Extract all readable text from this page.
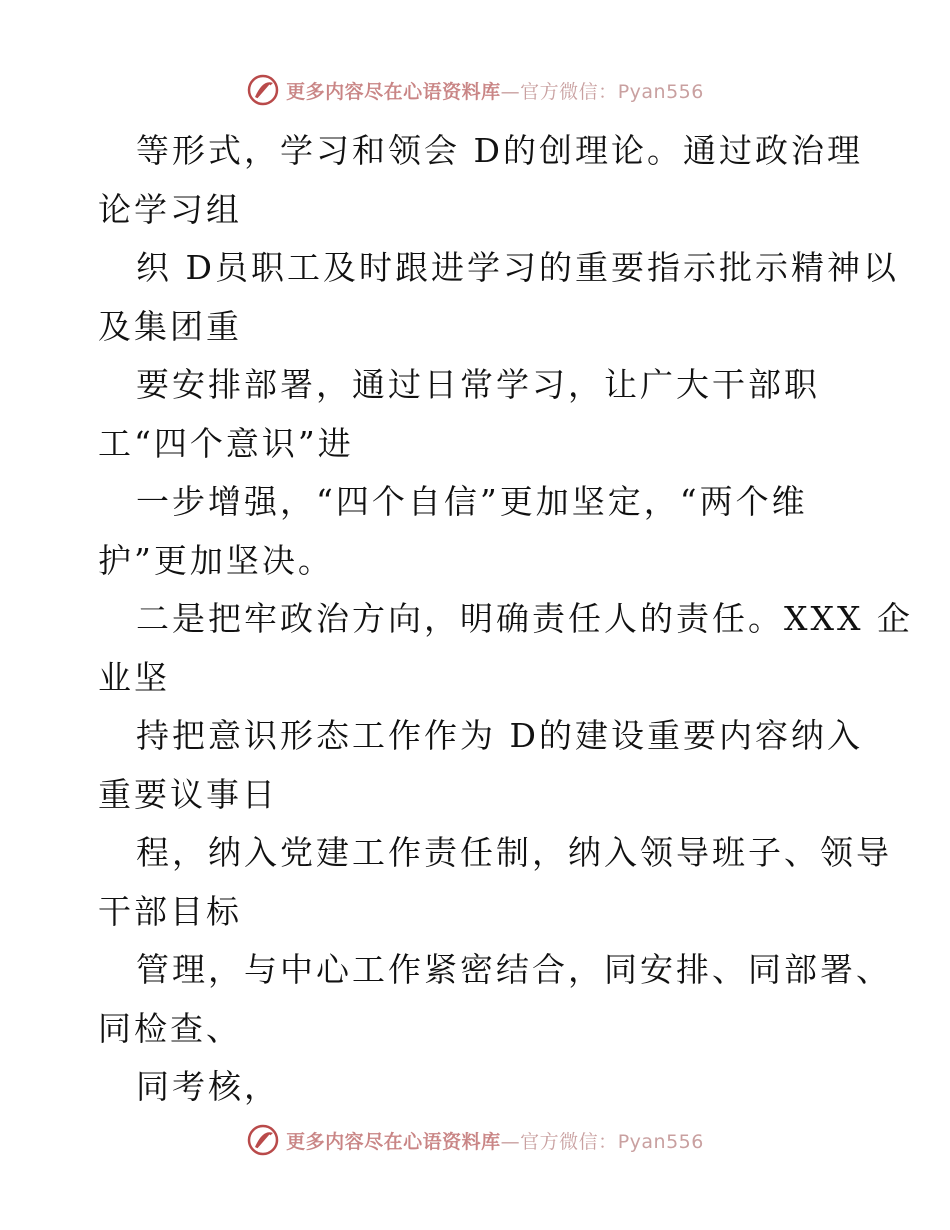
更多内容尽在心语资料库—官方微信：Pyan556
等形式，学习和领会 D的创理论。通过政治理
论学习组
织 D员职工及时跟进学习的重要指示批示精神以
及集团重
要安排部署，通过日常学习，让广大干部职
工“四个意识”进
一步增强，“四个自信”更加坚定，“两个维
护”更加坚决。
二是把牢政治方向，明确责任人的责任。XXX 企
业坚
持把意识形态工作作为 D的建设重要内容纳入
重要议事日
程，纳入党建工作责任制，纳入领导班子、领导
干部目标
管理，与中心工作紧密结合，同安排、同部署、
同检查、
同考核，
更多内容尽在心语资料库—官方微信：Pyan556
